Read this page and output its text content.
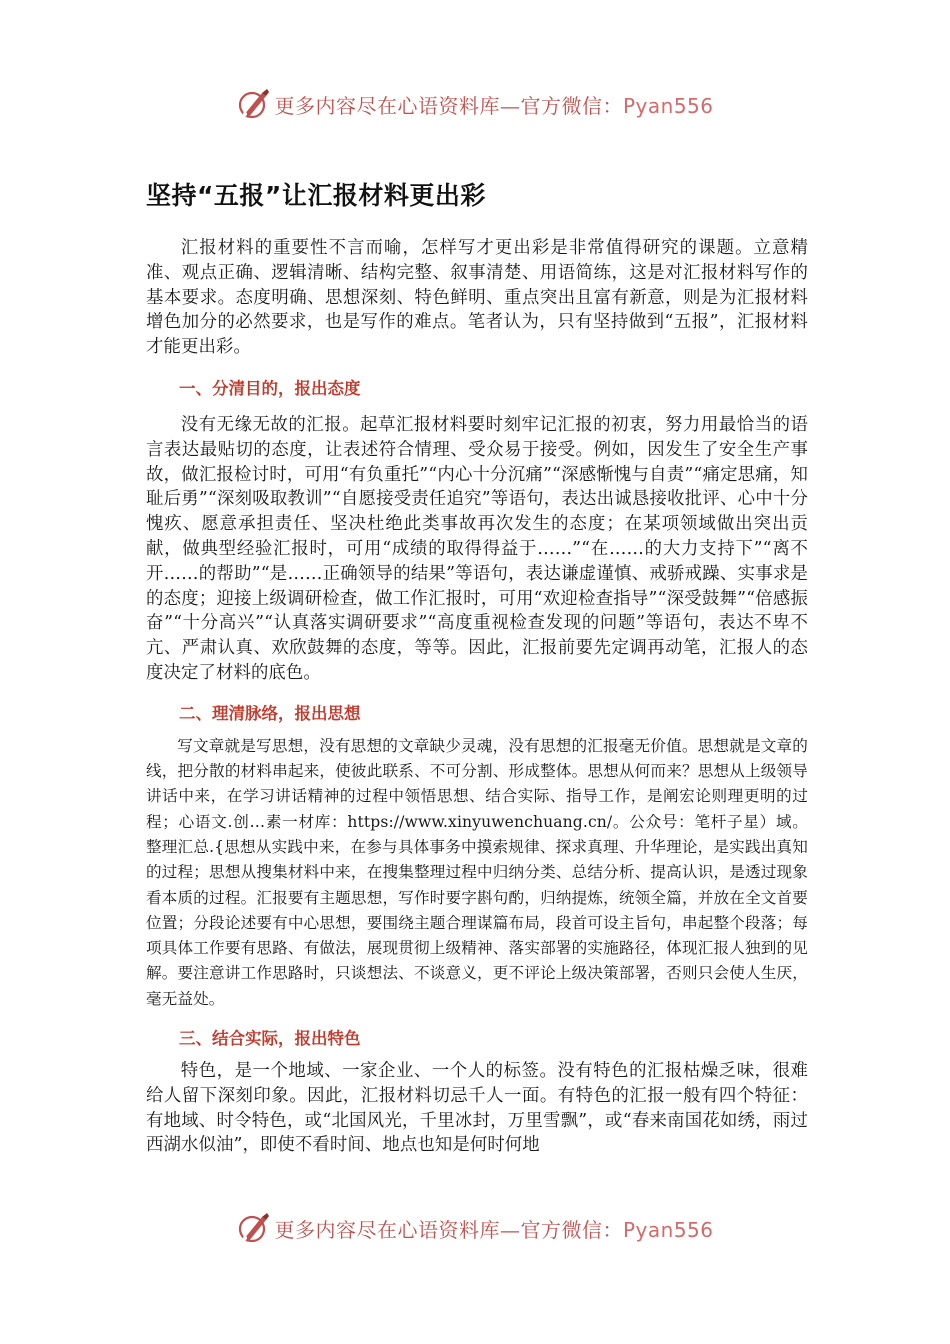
更多内容尽在心语资料库—官方微信：Pyan556
坚持“五报”让汇报材料更出彩

汇报材料的重要性不言而喻，怎样写才更出彩是非常值得研究的课题。立意精准、观点正确、逻辑清晰、结构完整、叙事清楚、用语简练，这是对汇报材料写作的基本要求。态度明确、思想深刻、特色鲜明、重点突出且富有新意，则是为汇报材料增色加分的必然要求，也是写作的难点。笔者认为，只有坚持做到“五报”，汇报材料才能更出彩。

一、分清目的，报出态度

没有无缘无故的汇报。起草汇报材料要时刻牢记汇报的初衷，努力用最恰当的语言表达最贴切的态度，让表述符合情理、受众易于接受。例如，因发生了安全生产事故，做汇报检讨时，可用“有负重托”“内心十分沉痛”“深感惭愧与自责”“痛定思痛，知耻后勇”“深刻吸取教训”“自愿接受责任追究”等语句，表达出诚恳接收批评、心中十分愧疚、愿意承担责任、坚决杜绝此类事故再次发生的态度；在某项领域做出突出贡献，做典型经验汇报时，可用“成绩的取得得益于……”“在……的大力支持下”“离不开……的帮助”“是……正确领导的结果”等语句，表达谦虚谨慎、戒骄戒躁、实事求是的态度；迎接上级调研检查，做工作汇报时，可用“欢迎检查指导”“深受鼓舞”“倍感振奋”“十分高兴”“认真落实调研要求”“高度重视检查发现的问题”等语句，表达不卑不亢、严肃认真、欢欣鼓舞的态度，等等。因此，汇报前要先定调再动笔，汇报人的态度决定了材料的底色。

二、理清脉络，报出思想

写文章就是写思想，没有思想的文章缺少灵魂，没有思想的汇报毫无价值。思想就是文章的线，把分散的材料串起来，使彼此联系、不可分割、形成整体。思想从何而来？思想从上级领导讲话中来，在学习讲话精神的过程中领悟思想、结合实际、指导工作，是阐宏论则理更明的过程；心语文.创…素一材库：https://www.xinyuwenchuang.cn/。公众号：笔杆子星）域。整理汇总.{思想从实践中来，在参与具体事务中摸索规律、探求真理、升华理论，是实践出真知的过程；思想从搜集材料中来，在搜集整理过程中归纳分类、总结分析、提高认识，是透过现象看本质的过程。汇报要有主题思想，写作时要字斟句酌，归纳提炼，统领全篇，并放在全文首要位置；分段论述要有中心思想，要围绕主题合理谋篇布局，段首可设主旨句，串起整个段落；每项具体工作要有思路、有做法，展现贯彻上级精神、落实部署的实施路径，体现汇报人独到的见解。要注意讲工作思路时，只谈想法、不谈意义，更不评论上级决策部署，否则只会使人生厌，毫无益处。

三、结合实际，报出特色

特色，是一个地域、一家企业、一个人的标签。没有特色的汇报枯燥乏味，很难给人留下深刻印象。因此，汇报材料切忌千人一面。有特色的汇报一般有四个特征：有地域、时令特色，或“北国风光，千里冰封，万里雪飘”，或“春来南国花如绣，雨过西湖水似油”，即使不看时间、地点也知是何时何地

更多内容尽在心语资料库—官方微信：Pyan556
